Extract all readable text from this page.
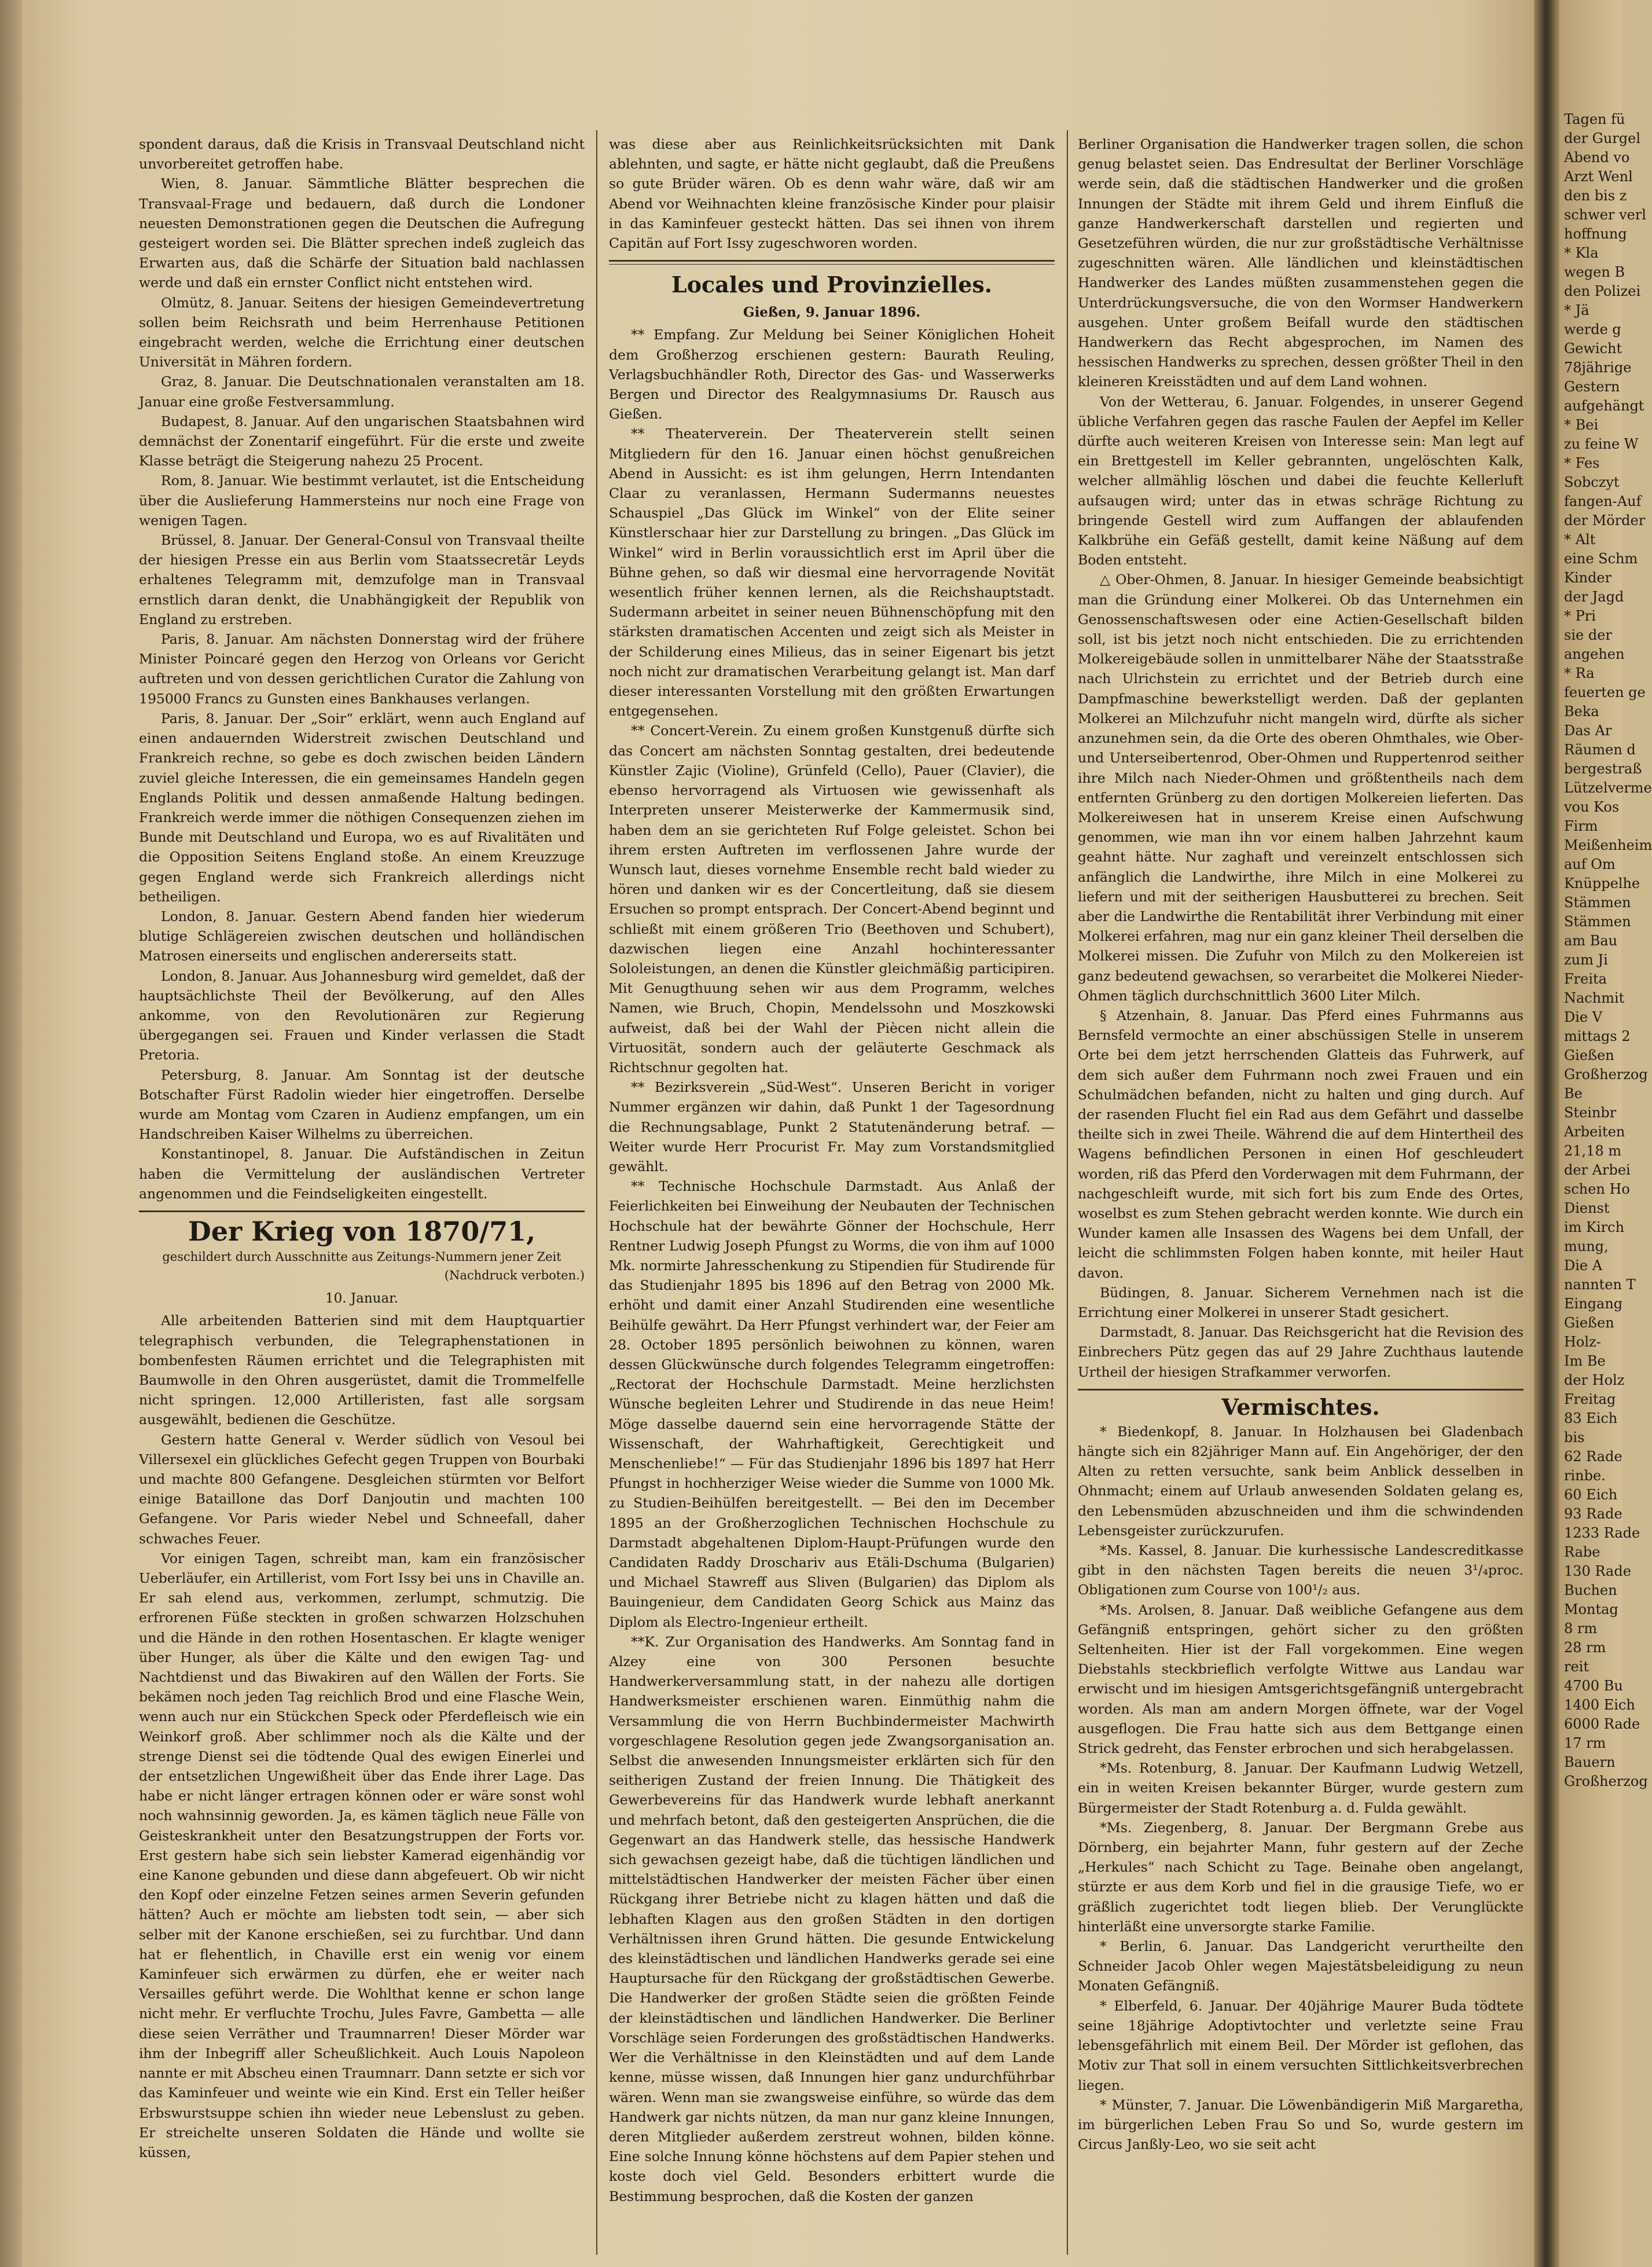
spondent daraus, daß die Krisis in Transvaal Deutschland nicht unvorbereitet getroffen habe.

Wien, 8. Januar. Sämmtliche Blätter besprechen die Transvaal-Frage und bedauern, daß durch die Londoner neuesten Demonstrationen gegen die Deutschen die Aufregung gesteigert worden sei. Die Blätter sprechen indeß zugleich das Erwarten aus, daß die Schärfe der Situation bald nachlassen werde und daß ein ernster Conflict nicht entstehen wird.

Olmütz, 8. Januar. Seitens der hiesigen Gemeindevertretung sollen beim Reichsrath und beim Herrenhause Petitionen eingebracht werden, welche die Errichtung einer deutschen Universität in Mähren fordern.

Graz, 8. Januar. Die Deutschnationalen veranstalten am 18. Januar eine große Festversammlung.

Budapest, 8. Januar. Auf den ungarischen Staatsbahnen wird demnächst der Zonentarif eingeführt. Für die erste und zweite Klasse beträgt die Steigerung nahezu 25 Procent.

Rom, 8. Januar. Wie bestimmt verlautet, ist die Entscheidung über die Auslieferung Hammersteins nur noch eine Frage von wenigen Tagen.

Brüssel, 8. Januar. Der General-Consul von Transvaal theilte der hiesigen Presse ein aus Berlin vom Staatssecretär Leyds erhaltenes Telegramm mit, demzufolge man in Transvaal ernstlich daran denkt, die Unabhängigkeit der Republik von England zu erstreben.

Paris, 8. Januar. Am nächsten Donnerstag wird der frühere Minister Poincaré gegen den Herzog von Orleans vor Gericht auftreten und von dessen gerichtlichen Curator die Zahlung von 195000 Francs zu Gunsten eines Bankhauses verlangen.

Paris, 8. Januar. Der „Soir“ erklärt, wenn auch England auf einen andauernden Widerstreit zwischen Deutschland und Frankreich rechne, so gebe es doch zwischen beiden Ländern zuviel gleiche Interessen, die ein gemeinsames Handeln gegen Englands Politik und dessen anmaßende Haltung bedingen. Frankreich werde immer die nöthigen Consequenzen ziehen im Bunde mit Deutschland und Europa, wo es auf Rivalitäten und die Opposition Seitens England stoße. An einem Kreuzzuge gegen England werde sich Frankreich allerdings nicht betheiligen.

London, 8. Januar. Gestern Abend fanden hier wiederum blutige Schlägereien zwischen deutschen und holländischen Matrosen einerseits und englischen andererseits statt.

London, 8. Januar. Aus Johannesburg wird gemeldet, daß der hauptsächlichste Theil der Bevölkerung, auf den Alles ankomme, von den Revolutionären zur Regierung übergegangen sei. Frauen und Kinder verlassen die Stadt Pretoria.

Petersburg, 8. Januar. Am Sonntag ist der deutsche Botschafter Fürst Radolin wieder hier eingetroffen. Derselbe wurde am Montag vom Czaren in Audienz empfangen, um ein Handschreiben Kaiser Wilhelms zu überreichen.

Konstantinopel, 8. Januar. Die Aufständischen in Zeitun haben die Vermittelung der ausländischen Vertreter angenommen und die Feindseligkeiten eingestellt.

Der Krieg von 1870/71,

geschildert durch Ausschnitte aus Zeitungs-Nummern jener Zeit

(Nachdruck verboten.)

10. Januar.

Alle arbeitenden Batterien sind mit dem Hauptquartier telegraphisch verbunden, die Telegraphenstationen in bombenfesten Räumen errichtet und die Telegraphisten mit Baumwolle in den Ohren ausgerüstet, damit die Trommelfelle nicht springen. 12,000 Artilleristen, fast alle sorgsam ausgewählt, bedienen die Geschütze.

Gestern hatte General v. Werder südlich von Vesoul bei Villersexel ein glückliches Gefecht gegen Truppen von Bourbaki und machte 800 Gefangene. Desgleichen stürmten vor Belfort einige Bataillone das Dorf Danjoutin und machten 100 Gefangene. Vor Paris wieder Nebel und Schneefall, daher schwaches Feuer.

Vor einigen Tagen, schreibt man, kam ein französischer Ueberläufer, ein Artillerist, vom Fort Issy bei uns in Chaville an. Er sah elend aus, verkommen, zerlumpt, schmutzig. Die erfrorenen Füße steckten in großen schwarzen Holzschuhen und die Hände in den rothen Hosentaschen. Er klagte weniger über Hunger, als über die Kälte und den ewigen Tag- und Nachtdienst und das Biwakiren auf den Wällen der Forts. Sie bekämen noch jeden Tag reichlich Brod und eine Flasche Wein, wenn auch nur ein Stückchen Speck oder Pferdefleisch wie ein Weinkorf groß. Aber schlimmer noch als die Kälte und der strenge Dienst sei die tödtende Qual des ewigen Einerlei und der entsetzlichen Ungewißheit über das Ende ihrer Lage. Das habe er nicht länger ertragen können oder er wäre sonst wohl noch wahnsinnig geworden. Ja, es kämen täglich neue Fälle von Geisteskrankheit unter den Besatzungstruppen der Forts vor. Erst gestern habe sich sein liebster Kamerad eigenhändig vor eine Kanone gebunden und diese dann abgefeuert. Ob wir nicht den Kopf oder einzelne Fetzen seines armen Severin gefunden hätten? Auch er möchte am liebsten todt sein, — aber sich selber mit der Kanone erschießen, sei zu furchtbar. Und dann hat er flehentlich, in Chaville erst ein wenig vor einem Kaminfeuer sich erwärmen zu dürfen, ehe er weiter nach Versailles geführt werde. Die Wohlthat kenne er schon lange nicht mehr. Er verfluchte Trochu, Jules Favre, Gambetta — alle diese seien Verräther und Traumnarren! Dieser Mörder war ihm der Inbegriff aller Scheußlichkeit. Auch Louis Napoleon nannte er mit Abscheu einen Traumnarr. Dann setzte er sich vor das Kaminfeuer und weinte wie ein Kind. Erst ein Teller heißer Erbswurstsuppe schien ihn wieder neue Lebenslust zu geben. Er streichelte unseren Soldaten die Hände und wollte sie küssen,

was diese aber aus Reinlichkeitsrücksichten mit Dank ablehnten, und sagte, er hätte nicht geglaubt, daß die Preußens so gute Brüder wären. Ob es denn wahr wäre, daß wir am Abend vor Weihnachten kleine französische Kinder pour plaisir in das Kaminfeuer gesteckt hätten. Das sei ihnen von ihrem Capitän auf Fort Issy zugeschworen worden.

Locales und Provinzielles.

Gießen, 9. Januar 1896.

** Empfang. Zur Meldung bei Seiner Königlichen Hoheit dem Großherzog erschienen gestern: Baurath Reuling, Verlagsbuchhändler Roth, Director des Gas- und Wasserwerks Bergen und Director des Realgymnasiums Dr. Rausch aus Gießen.

** Theaterverein. Der Theaterverein stellt seinen Mitgliedern für den 16. Januar einen höchst genußreichen Abend in Aussicht: es ist ihm gelungen, Herrn Intendanten Claar zu veranlassen, Hermann Sudermanns neuestes Schauspiel „Das Glück im Winkel“ von der Elite seiner Künstlerschaar hier zur Darstellung zu bringen. „Das Glück im Winkel“ wird in Berlin voraussichtlich erst im April über die Bühne gehen, so daß wir diesmal eine hervorragende Novität wesentlich früher kennen lernen, als die Reichshauptstadt. Sudermann arbeitet in seiner neuen Bühnenschöpfung mit den stärksten dramatischen Accenten und zeigt sich als Meister in der Schilderung eines Milieus, das in seiner Eigenart bis jetzt noch nicht zur dramatischen Verarbeitung gelangt ist. Man darf dieser interessanten Vorstellung mit den größten Erwartungen entgegensehen.

** Concert-Verein. Zu einem großen Kunstgenuß dürfte sich das Concert am nächsten Sonntag gestalten, drei bedeutende Künstler Zajic (Violine), Grünfeld (Cello), Pauer (Clavier), die ebenso hervorragend als Virtuosen wie gewissenhaft als Interpreten unserer Meisterwerke der Kammermusik sind, haben dem an sie gerichteten Ruf Folge geleistet. Schon bei ihrem ersten Auftreten im verflossenen Jahre wurde der Wunsch laut, dieses vornehme Ensemble recht bald wieder zu hören und danken wir es der Concertleitung, daß sie diesem Ersuchen so prompt entsprach. Der Concert-Abend beginnt und schließt mit einem größeren Trio (Beethoven und Schubert), dazwischen liegen eine Anzahl hochinteressanter Sololeistungen, an denen die Künstler gleichmäßig participiren. Mit Genugthuung sehen wir aus dem Programm, welches Namen, wie Bruch, Chopin, Mendelssohn und Moszkowski aufweist, daß bei der Wahl der Piècen nicht allein die Virtuosität, sondern auch der geläuterte Geschmack als Richtschnur gegolten hat.

** Bezirksverein „Süd-West“. Unseren Bericht in voriger Nummer ergänzen wir dahin, daß Punkt 1 der Tagesordnung die Rechnungsablage, Punkt 2 Statutenänderung betraf. — Weiter wurde Herr Procurist Fr. May zum Vorstandsmitglied gewählt.

** Technische Hochschule Darmstadt. Aus Anlaß der Feierlichkeiten bei Einweihung der Neubauten der Technischen Hochschule hat der bewährte Gönner der Hochschule, Herr Rentner Ludwig Joseph Pfungst zu Worms, die von ihm auf 1000 Mk. normirte Jahresschenkung zu Stipendien für Studirende für das Studienjahr 1895 bis 1896 auf den Betrag von 2000 Mk. erhöht und damit einer Anzahl Studirenden eine wesentliche Beihülfe gewährt. Da Herr Pfungst verhindert war, der Feier am 28. October 1895 persönlich beiwohnen zu können, waren dessen Glückwünsche durch folgendes Telegramm eingetroffen: „Rectorat der Hochschule Darmstadt. Meine herzlichsten Wünsche begleiten Lehrer und Studirende in das neue Heim! Möge dasselbe dauernd sein eine hervorragende Stätte der Wissenschaft, der Wahrhaftigkeit, Gerechtigkeit und Menschenliebe!“ — Für das Studienjahr 1896 bis 1897 hat Herr Pfungst in hochherziger Weise wieder die Summe von 1000 Mk. zu Studien-Beihülfen bereitgestellt. — Bei den im December 1895 an der Großherzoglichen Technischen Hochschule zu Darmstadt abgehaltenen Diplom-Haupt-Prüfungen wurde den Candidaten Raddy Droschariv aus Etäli-Dschuma (Bulgarien) und Michael Stawreff aus Sliven (Bulgarien) das Diplom als Bauingenieur, dem Candidaten Georg Schick aus Mainz das Diplom als Electro-Ingenieur ertheilt.

**K. Zur Organisation des Handwerks. Am Sonntag fand in Alzey eine von 300 Personen besuchte Handwerkerversammlung statt, in der nahezu alle dortigen Handwerksmeister erschienen waren. Einmüthig nahm die Versammlung die von Herrn Buchbindermeister Machwirth vorgeschlagene Resolution gegen jede Zwangsorganisation an. Selbst die anwesenden Innungsmeister erklärten sich für den seitherigen Zustand der freien Innung. Die Thätigkeit des Gewerbevereins für das Handwerk wurde lebhaft anerkannt und mehrfach betont, daß den gesteigerten Ansprüchen, die die Gegenwart an das Handwerk stelle, das hessische Handwerk sich gewachsen gezeigt habe, daß die tüchtigen ländlichen und mittelstädtischen Handwerker der meisten Fächer über einen Rückgang ihrer Betriebe nicht zu klagen hätten und daß die lebhaften Klagen aus den großen Städten in den dortigen Verhältnissen ihren Grund hätten. Die gesunde Entwickelung des kleinstädtischen und ländlichen Handwerks gerade sei eine Hauptursache für den Rückgang der großstädtischen Gewerbe. Die Handwerker der großen Städte seien die größten Feinde der kleinstädtischen und ländlichen Handwerker. Die Berliner Vorschläge seien Forderungen des großstädtischen Handwerks. Wer die Verhältnisse in den Kleinstädten und auf dem Lande kenne, müsse wissen, daß Innungen hier ganz undurchführbar wären. Wenn man sie zwangsweise einführe, so würde das dem Handwerk gar nichts nützen, da man nur ganz kleine Innungen, deren Mitglieder außerdem zerstreut wohnen, bilden könne. Eine solche Innung könne höchstens auf dem Papier stehen und koste doch viel Geld. Besonders erbittert wurde die Bestimmung besprochen, daß die Kosten der ganzen

Berliner Organisation die Handwerker tragen sollen, die schon genug belastet seien. Das Endresultat der Berliner Vorschläge werde sein, daß die städtischen Handwerker und die großen Innungen der Städte mit ihrem Geld und ihrem Einfluß die ganze Handwerkerschaft darstellen und regierten und Gesetzeführen würden, die nur zur großstädtische Verhältnisse zugeschnitten wären. Alle ländlichen und kleinstädtischen Handwerker des Landes müßten zusammenstehen gegen die Unterdrückungsversuche, die von den Wormser Handwerkern ausgehen. Unter großem Beifall wurde den städtischen Handwerkern das Recht abgesprochen, im Namen des hessischen Handwerks zu sprechen, dessen größter Theil in den kleineren Kreisstädten und auf dem Land wohnen.

Von der Wetterau, 6. Januar. Folgendes, in unserer Gegend übliche Verfahren gegen das rasche Faulen der Aepfel im Keller dürfte auch weiteren Kreisen von Interesse sein: Man legt auf ein Brettgestell im Keller gebrannten, ungelöschten Kalk, welcher allmählig löschen und dabei die feuchte Kellerluft aufsaugen wird; unter das in etwas schräge Richtung zu bringende Gestell wird zum Auffangen der ablaufenden Kalkbrühe ein Gefäß gestellt, damit keine Näßung auf dem Boden entsteht.

△ Ober-Ohmen, 8. Januar. In hiesiger Gemeinde beabsichtigt man die Gründung einer Molkerei. Ob das Unternehmen ein Genossenschaftswesen oder eine Actien-Gesellschaft bilden soll, ist bis jetzt noch nicht entschieden. Die zu errichtenden Molkereigebäude sollen in unmittelbarer Nähe der Staatsstraße nach Ulrichstein zu errichtet und der Betrieb durch eine Dampfmaschine bewerkstelligt werden. Daß der geplanten Molkerei an Milchzufuhr nicht mangeln wird, dürfte als sicher anzunehmen sein, da die Orte des oberen Ohmthales, wie Ober- und Unterseibertenrod, Ober-Ohmen und Ruppertenrod seither ihre Milch nach Nieder-Ohmen und größtentheils nach dem entfernten Grünberg zu den dortigen Molkereien lieferten. Das Molkereiwesen hat in unserem Kreise einen Aufschwung genommen, wie man ihn vor einem halben Jahrzehnt kaum geahnt hätte. Nur zaghaft und vereinzelt entschlossen sich anfänglich die Landwirthe, ihre Milch in eine Molkerei zu liefern und mit der seitherigen Hausbutterei zu brechen. Seit aber die Landwirthe die Rentabilität ihrer Verbindung mit einer Molkerei erfahren, mag nur ein ganz kleiner Theil derselben die Molkerei missen. Die Zufuhr von Milch zu den Molkereien ist ganz bedeutend gewachsen, so verarbeitet die Molkerei Nieder-Ohmen täglich durchschnittlich 3600 Liter Milch.

§ Atzenhain, 8. Januar. Das Pferd eines Fuhrmanns aus Bernsfeld vermochte an einer abschüssigen Stelle in unserem Orte bei dem jetzt herrschenden Glatteis das Fuhrwerk, auf dem sich außer dem Fuhrmann noch zwei Frauen und ein Schulmädchen befanden, nicht zu halten und ging durch. Auf der rasenden Flucht fiel ein Rad aus dem Gefährt und dasselbe theilte sich in zwei Theile. Während die auf dem Hintertheil des Wagens befindlichen Personen in einen Hof geschleudert worden, riß das Pferd den Vorderwagen mit dem Fuhrmann, der nachgeschleift wurde, mit sich fort bis zum Ende des Ortes, woselbst es zum Stehen gebracht werden konnte. Wie durch ein Wunder kamen alle Insassen des Wagens bei dem Unfall, der leicht die schlimmsten Folgen haben konnte, mit heiler Haut davon.

Büdingen, 8. Januar. Sicherem Vernehmen nach ist die Errichtung einer Molkerei in unserer Stadt gesichert.

Darmstadt, 8. Januar. Das Reichsgericht hat die Revision des Einbrechers Pütz gegen das auf 29 Jahre Zuchthaus lautende Urtheil der hiesigen Strafkammer verworfen.

Vermischtes.

* Biedenkopf, 8. Januar. In Holzhausen bei Gladenbach hängte sich ein 82jähriger Mann auf. Ein Angehöriger, der den Alten zu retten versuchte, sank beim Anblick desselben in Ohnmacht; einem auf Urlaub anwesenden Soldaten gelang es, den Lebensmüden abzuschneiden und ihm die schwindenden Lebensgeister zurückzurufen.

*Ms. Kassel, 8. Januar. Die kurhessische Landescreditkasse gibt in den nächsten Tagen bereits die neuen 3¹/₄proc. Obligationen zum Course von 100¹/₂ aus.

*Ms. Arolsen, 8. Januar. Daß weibliche Gefangene aus dem Gefängniß entspringen, gehört sicher zu den größten Seltenheiten. Hier ist der Fall vorgekommen. Eine wegen Diebstahls steckbrieflich verfolgte Wittwe aus Landau war erwischt und im hiesigen Amtsgerichtsgefängniß untergebracht worden. Als man am andern Morgen öffnete, war der Vogel ausgeflogen. Die Frau hatte sich aus dem Bettgange einen Strick gedreht, das Fenster erbrochen und sich herabgelassen.

*Ms. Rotenburg, 8. Januar. Der Kaufmann Ludwig Wetzell, ein in weiten Kreisen bekannter Bürger, wurde gestern zum Bürgermeister der Stadt Rotenburg a. d. Fulda gewählt.

*Ms. Ziegenberg, 8. Januar. Der Bergmann Grebe aus Dörnberg, ein bejahrter Mann, fuhr gestern auf der Zeche „Herkules“ nach Schicht zu Tage. Beinahe oben angelangt, stürzte er aus dem Korb und fiel in die grausige Tiefe, wo er gräßlich zugerichtet todt liegen blieb. Der Verunglückte hinterläßt eine unversorgte starke Familie.

* Berlin, 6. Januar. Das Landgericht verurtheilte den Schneider Jacob Ohler wegen Majestätsbeleidigung zu neun Monaten Gefängniß.

* Elberfeld, 6. Januar. Der 40jährige Maurer Buda tödtete seine 18jährige Adoptivtochter und verletzte seine Frau lebensgefährlich mit einem Beil. Der Mörder ist geflohen, das Motiv zur That soll in einem versuchten Sittlichkeitsverbrechen liegen.

* Münster, 7. Januar. Die Löwenbändigerin Miß Margaretha, im bürgerlichen Leben Frau So und So, wurde gestern im Circus Janßly-Leo, wo sie seit acht

Tagen fü
der Gurgel
Abend vo
Arzt Wenl
den bis z
schwer verl
hoffnung
* Kla
wegen B
den Polizei
* Jä
werde g
Gewicht
78jährige
Gestern
aufgehängt
* Bei
zu feine W
* Fes
Sobczyt
fangen-Auf
der Mörder
* Alt
eine Schm
Kinder
der Jagd
* Pri
sie der
angehen
* Ra
feuerten ge
Beka
Das Ar
Räumen d
bergestraß
Lützelverme
vou Kos
Firm
Meißenheim
auf Om
Knüppelhe
Stämmen
Stämmen
am Bau
zum Ji
Freita
Nachmit
Die V
mittags 2
Gießen
Großherzog
Be
Steinbr
Arbeiten
21,18 m
der Arbei
schen Ho
Dienst
im Kirch
mung,
Die A
nannten T
Eingang
Gießen
Holz-
Im Be
der Holz
Freitag
83 Eich
bis
62 Rade
rinbe.
60 Eich
93 Rade
1233 Rade
Rabe
130 Rade
Buchen
Montag
8 rm
28 rm
reit
4700 Bu
1400 Eich
6000 Rade
17 rm
Bauern
Großherzog
